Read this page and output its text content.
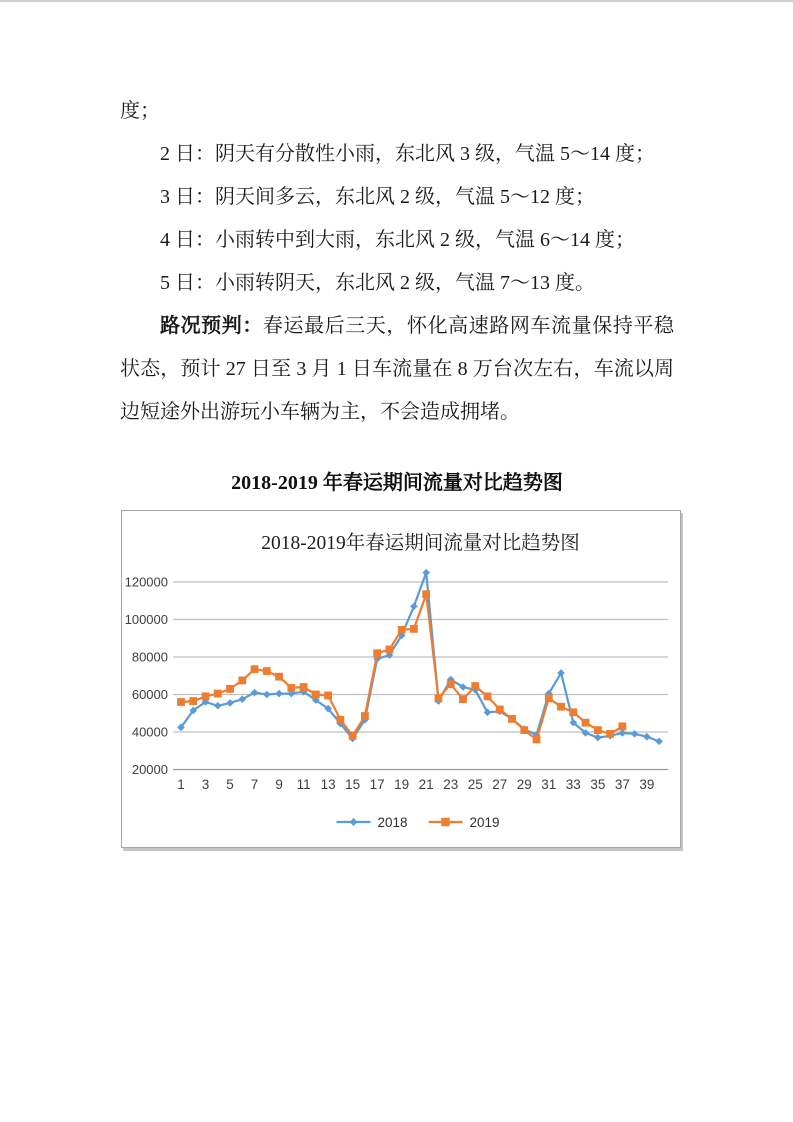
度；

2 日：阴天有分散性小雨，东北风 3 级，气温 5～14 度；

3 日：阴天间多云，东北风 2 级，气温 5～12 度；

4 日：小雨转中到大雨，东北风 2 级，气温 6～14 度；

5 日：小雨转阴天，东北风 2 级，气温 7～13 度。

路况预判：春运最后三天，怀化高速路网车流量保持平稳状态，预计 27 日至 3 月 1 日车流量在 8 万台次左右，车流以周边短途外出游玩小车辆为主，不会造成拥堵。

2018-2019 年春运期间流量对比趋势图
20000
40000
60000
80000
100000
120000
1 3 5 7 9 11 13 15 17 19 21 23 25 27 29 31 33 35 37 39
2018-2019年春运期间流量对比趋势图
2018	2019
